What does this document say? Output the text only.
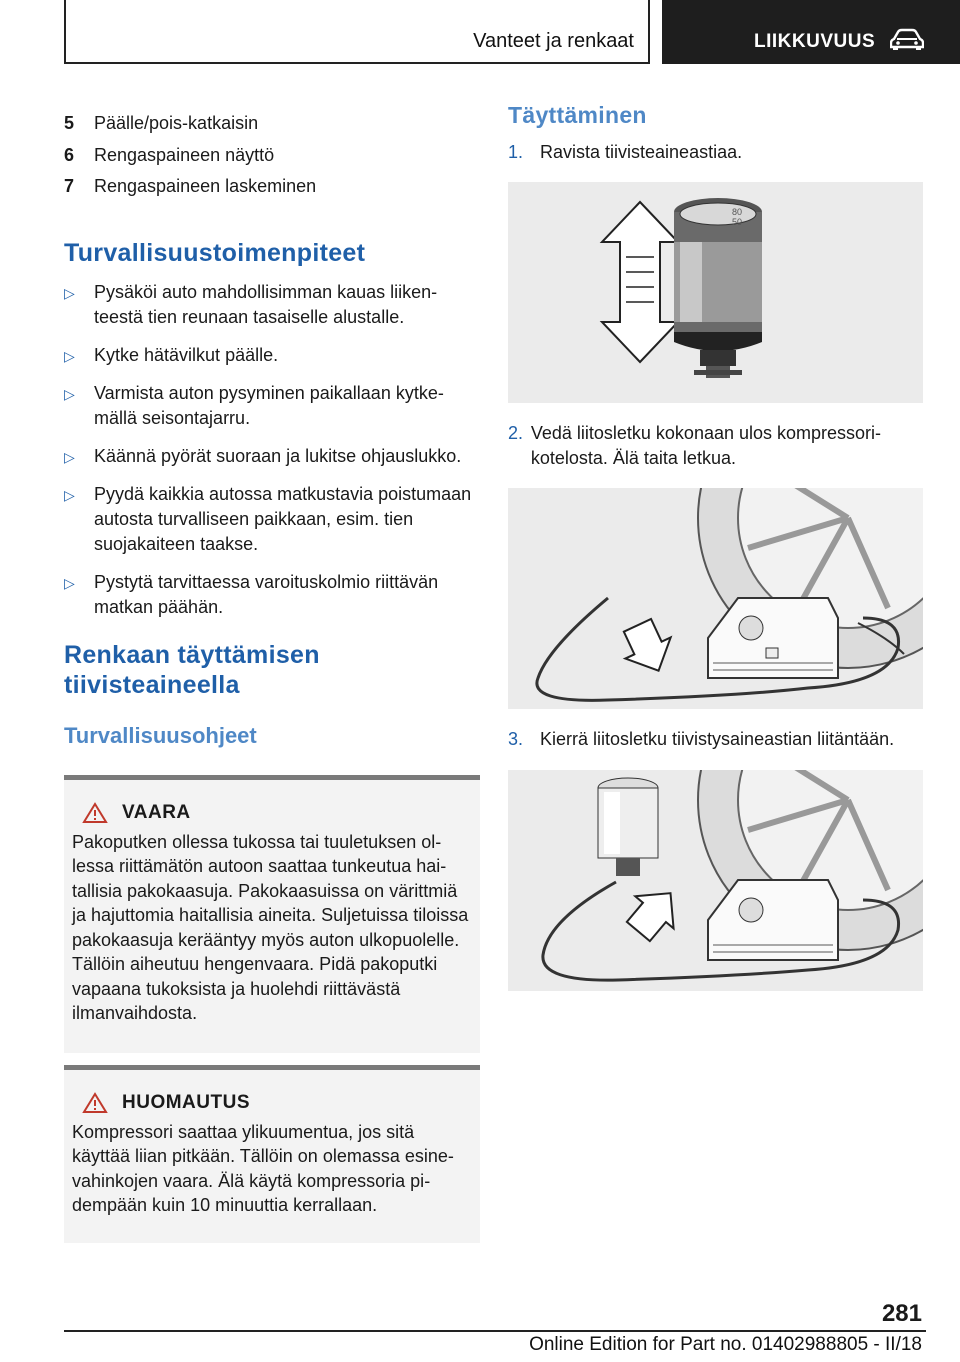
Vanteet ja renkaat	LIIKKUVUUS
5	Päälle/pois-katkaisin
6	Rengaspaineen näyttö
7	Rengaspaineen laskeminen
Turvallisuustoimenpiteet
▷ Pysäköi auto mahdollisimman kauas liikenteestä tien reunaan tasaiselle alustalle.
▷ Kytke hätävilkut päälle.
▷ Varmista auton pysyminen paikallaan kytkemällä seisontajarru.
▷ Käännä pyörät suoraan ja lukitse ohjauslukko.
▷ Pyydä kaikkia autossa matkustavia poistumaan autosta turvalliseen paikkaan, esim. tien suojakaiteen taakse.
▷ Pystytä tarvittaessa varoituskolmio riittävän matkan päähän.
Renkaan täyttämisen tiivisteaineella
Turvallisuusohjeet
VAARA
Pakoputken ollessa tukossa tai tuuletuksen ollessa riittämätön autoon saattaa tunkeutua haitallisia pakokaasuja. Pakokaasuissa on värittmiä ja hajuttomia haitallisia aineita. Suljetuissa tiloissa pakokaasuja kerääntyy myös auton ulkopuolelle. Tällöin aiheutuu hengenvaara. Pidä pakoputki vapaana tukoksista ja huolehdi riittävästä ilmanvaihdosta.
HUOMAUTUS
Kompressori saattaa ylikuumentua, jos sitä käyttää liian pitkään. Tällöin on olemassa esinevahinkojen vaara. Älä käytä kompressoria pidempään kuin 10 minuuttia kerrallaan.
Täyttäminen
1. Ravista tiivisteaineastiaa.
80
50
2. Vedä liitosletku kokonaan ulos kompressorikotelosta. Älä taita letkua.
3. Kierrä liitosletku tiivistysaineastian liitäntään.
281
Online Edition for Part no. 01402988805 - II/18
